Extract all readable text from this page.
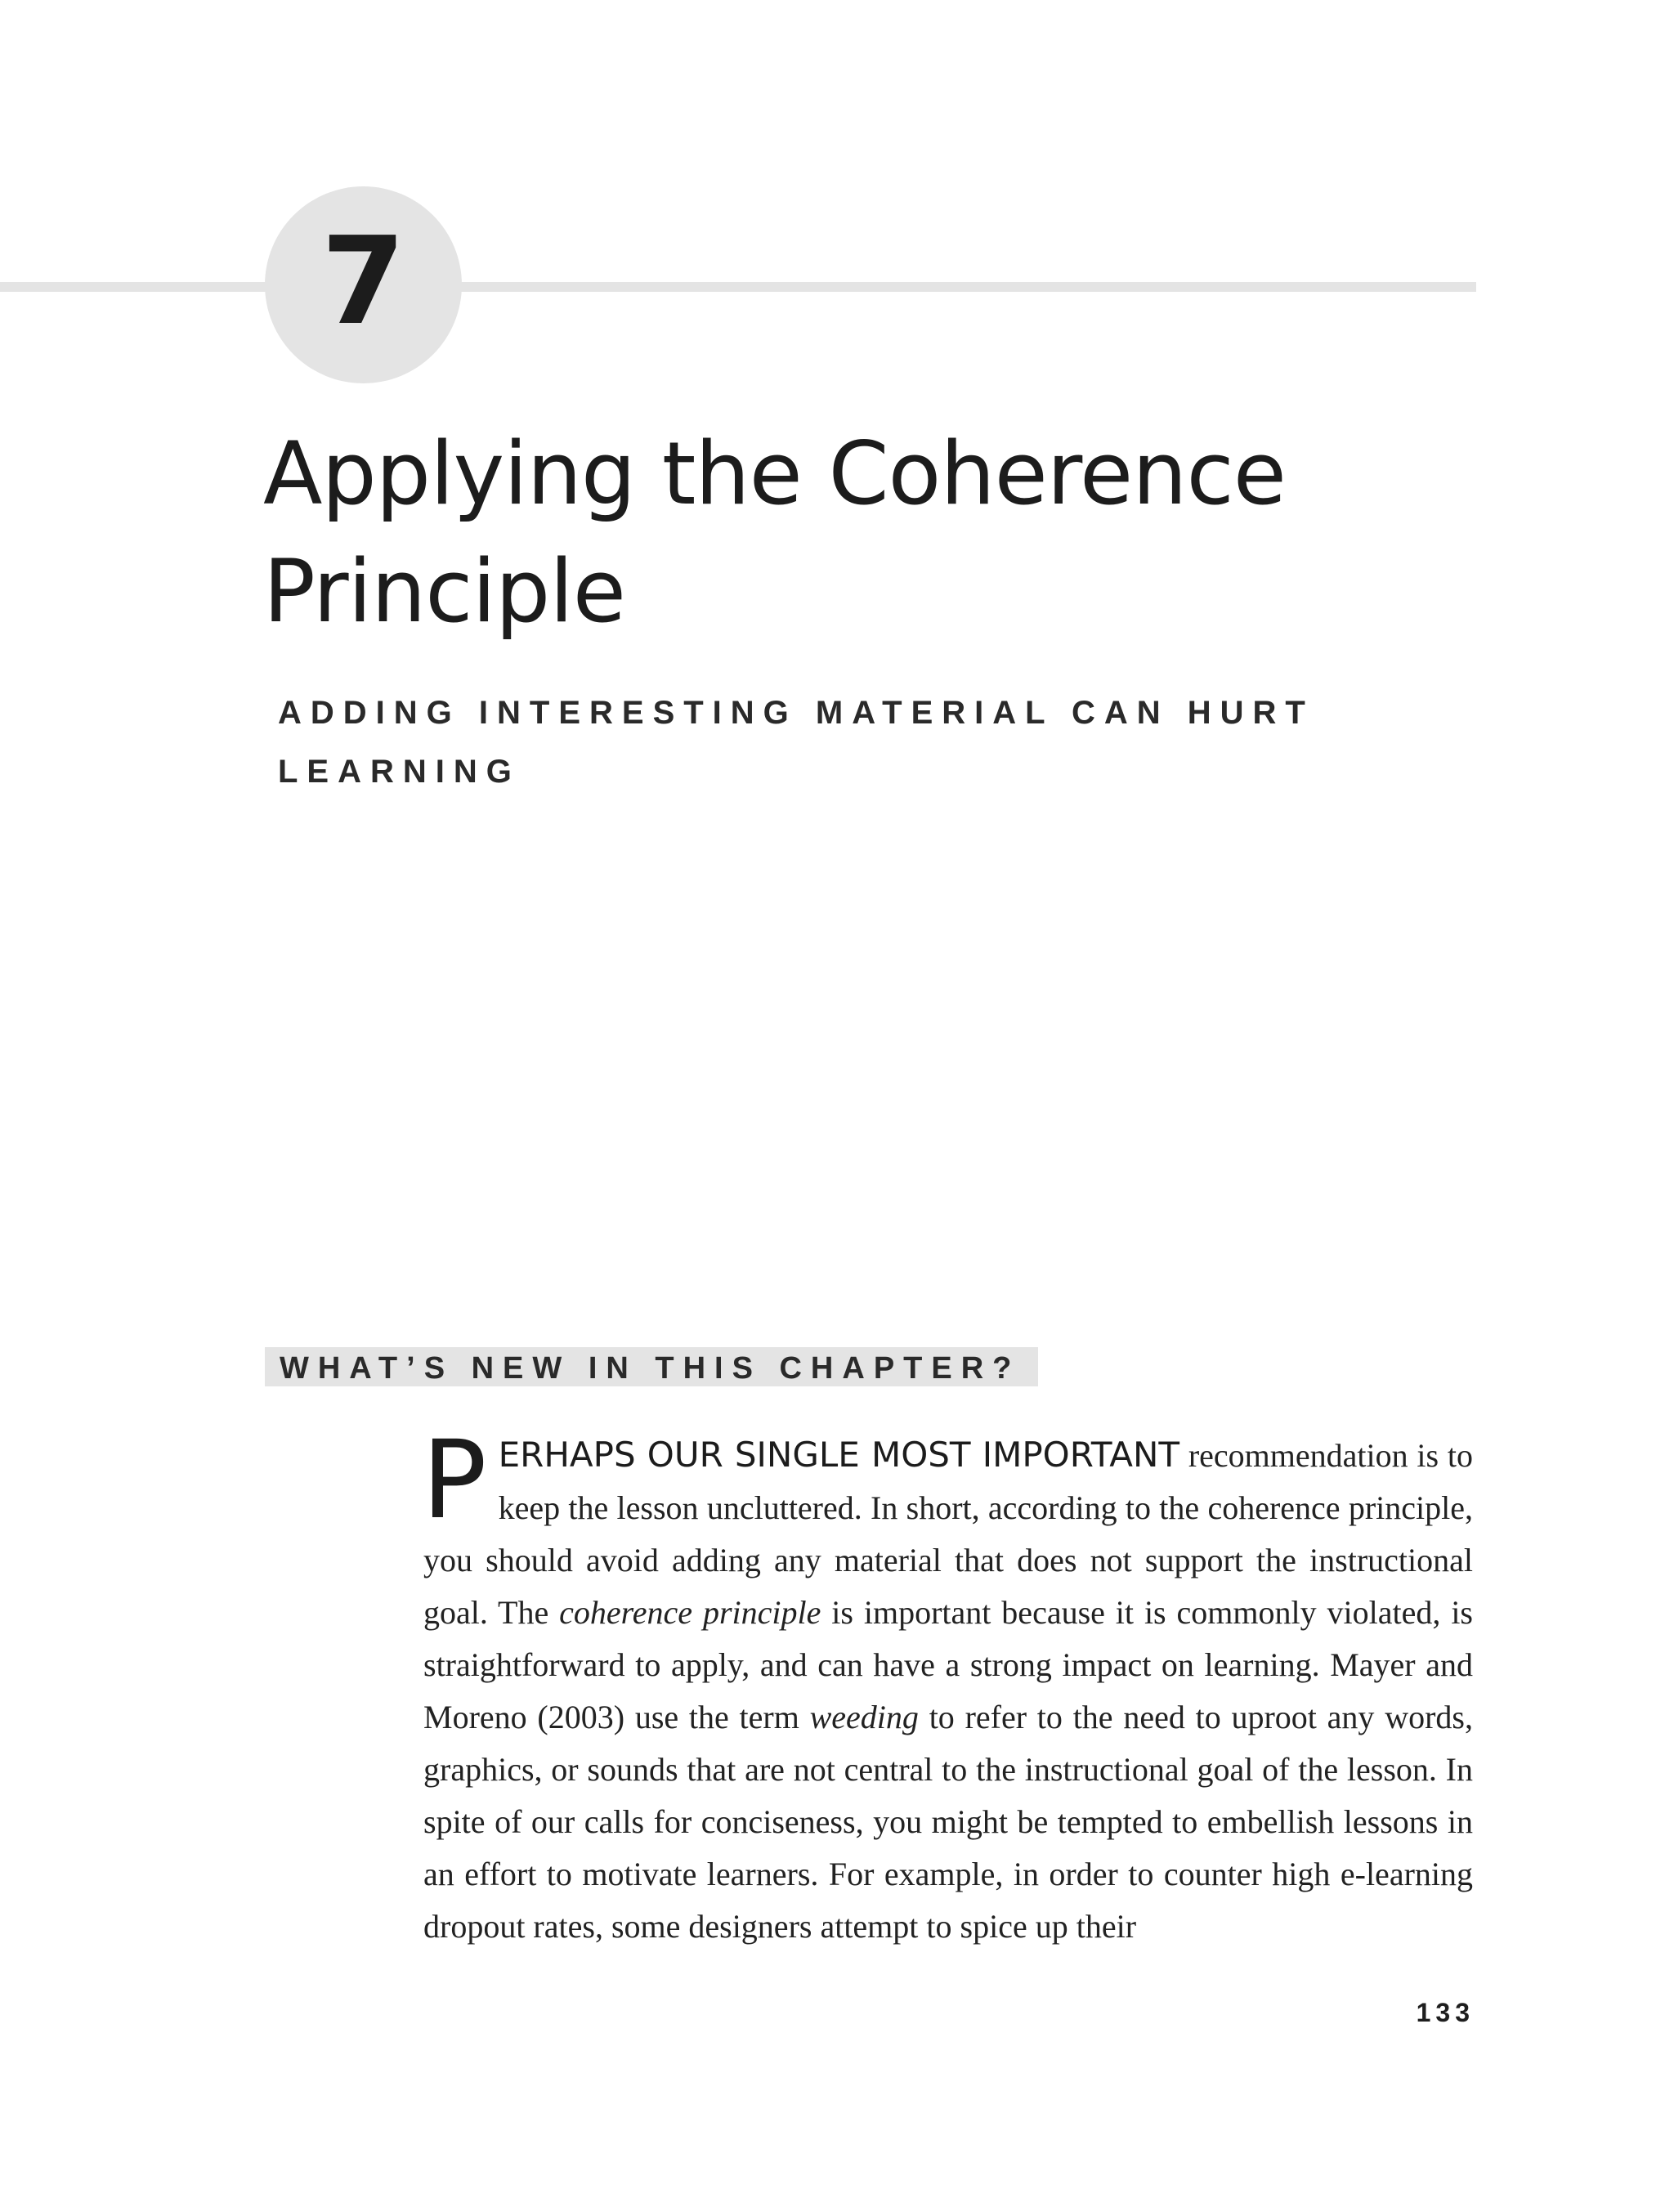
7
Applying the Coherence Principle
ADDING INTERESTING MATERIAL CAN HURT LEARNING
WHAT’S NEW IN THIS CHAPTER?

PERHAPS OUR SINGLE MOST IMPORTANT recommendation is to keep the lesson uncluttered. In short, according to the coherence principle, you should avoid adding any material that does not support the instructional goal. The coherence principle is important because it is commonly violated, is straightforward to apply, and can have a strong impact on learning. Mayer and Moreno (2003) use the term weeding to refer to the need to uproot any words, graphics, or sounds that are not central to the instructional goal of the lesson. In spite of our calls for conciseness, you might be tempted to embellish lessons in an effort to motivate learners. For example, in order to counter high e-learning dropout rates, some designers attempt to spice up their

133
